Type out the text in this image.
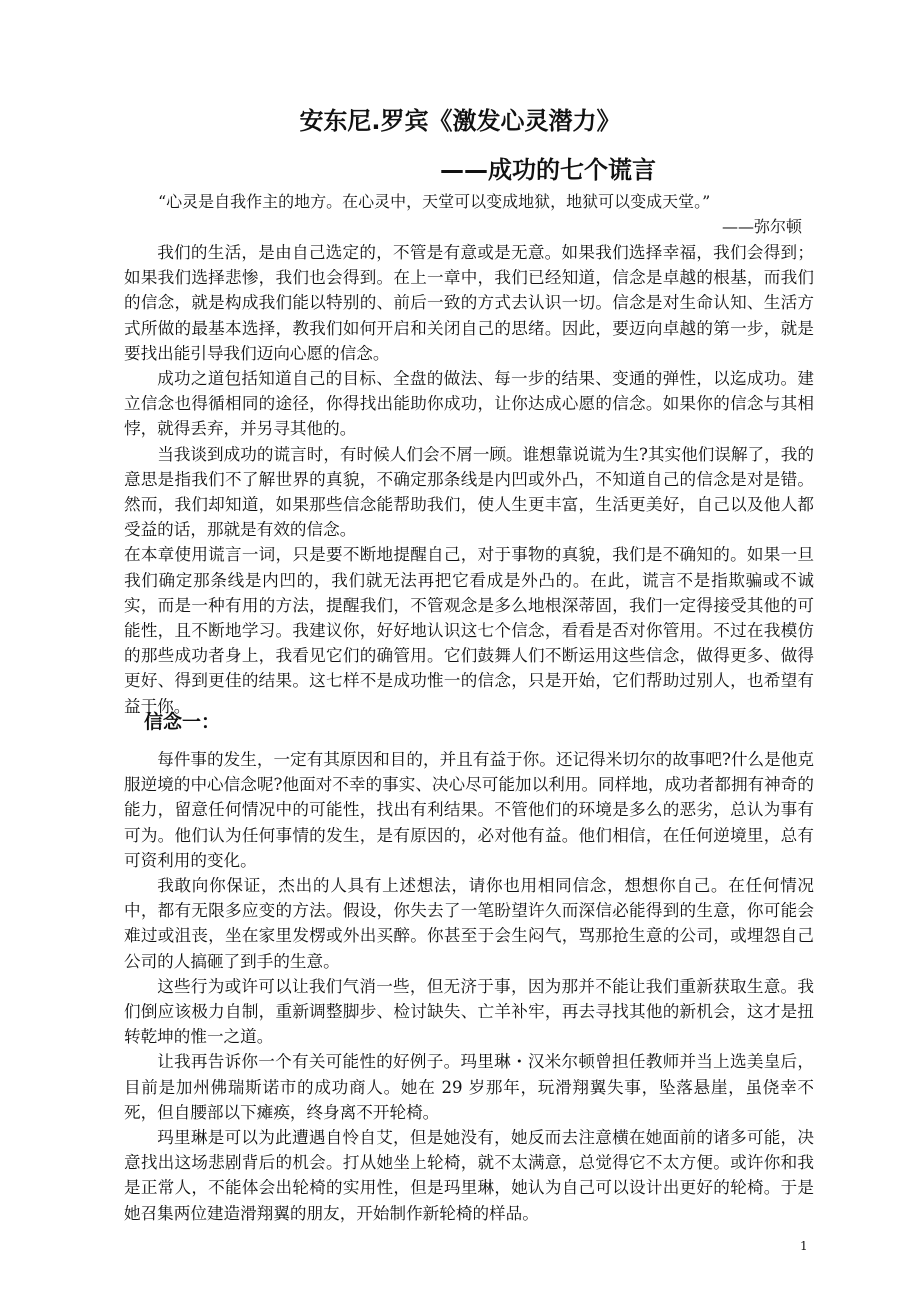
安东尼.罗宾《激发心灵潜力》
——成功的七个谎言
“心灵是自我作主的地方。在心灵中，天堂可以变成地狱，地狱可以变成天堂。”
——弥尔顿

我们的生活，是由自己选定的，不管是有意或是无意。如果我们选择幸福，我们会得到；如果我们选择悲惨，我们也会得到。在上一章中，我们已经知道，信念是卓越的根基，而我们的信念，就是构成我们能以特别的、前后一致的方式去认识一切。信念是对生命认知、生活方式所做的最基本选择，教我们如何开启和关闭自己的思绪。因此，要迈向卓越的第一步，就是要找出能引导我们迈向心愿的信念。

成功之道包括知道自己的目标、全盘的做法、每一步的结果、变通的弹性，以迄成功。建立信念也得循相同的途径，你得找出能助你成功，让你达成心愿的信念。如果你的信念与其相悖，就得丢弃，并另寻其他的。

当我谈到成功的谎言时，有时候人们会不屑一顾。谁想靠说谎为生?其实他们误解了，我的意思是指我们不了解世界的真貌，不确定那条线是内凹或外凸，不知道自己的信念是对是错。然而，我们却知道，如果那些信念能帮助我们，使人生更丰富，生活更美好，自己以及他人都受益的话，那就是有效的信念。

在本章使用谎言一词，只是要不断地提醒自己，对于事物的真貌，我们是不确知的。如果一旦我们确定那条线是内凹的，我们就无法再把它看成是外凸的。在此，谎言不是指欺骗或不诚实，而是一种有用的方法，提醒我们，不管观念是多么地根深蒂固，我们一定得接受其他的可能性，且不断地学习。我建议你，好好地认识这七个信念，看看是否对你管用。不过在我模仿的那些成功者身上，我看见它们的确管用。它们鼓舞人们不断运用这些信念，做得更多、做得更好、得到更佳的结果。这七样不是成功惟一的信念，只是开始，它们帮助过别人，也希望有益于你。

信念一：

每件事的发生，一定有其原因和目的，并且有益于你。还记得米切尔的故事吧?什么是他克服逆境的中心信念呢?他面对不幸的事实、决心尽可能加以利用。同样地，成功者都拥有神奇的能力，留意任何情况中的可能性，找出有利结果。不管他们的环境是多么的恶劣，总认为事有可为。他们认为任何事情的发生，是有原因的，必对他有益。他们相信，在任何逆境里，总有可资利用的变化。

我敢向你保证，杰出的人具有上述想法，请你也用相同信念，想想你自己。在任何情况中，都有无限多应变的方法。假设，你失去了一笔盼望许久而深信必能得到的生意，你可能会难过或沮丧，坐在家里发楞或外出买醉。你甚至于会生闷气，骂那抢生意的公司，或埋怨自己公司的人搞砸了到手的生意。

这些行为或许可以让我们气消一些，但无济于事，因为那并不能让我们重新获取生意。我们倒应该极力自制，重新调整脚步、检讨缺失、亡羊补牢，再去寻找其他的新机会，这才是扭转乾坤的惟一之道。

让我再告诉你一个有关可能性的好例子。玛里琳・汉米尔顿曾担任教师并当上选美皇后，目前是加州佛瑞斯诺市的成功商人。她在 29 岁那年，玩滑翔翼失事，坠落悬崖，虽侥幸不死，但自腰部以下瘫痪，终身离不开轮椅。

玛里琳是可以为此遭遇自怜自艾，但是她没有，她反而去注意横在她面前的诸多可能，决意找出这场悲剧背后的机会。打从她坐上轮椅，就不太满意，总觉得它不太方便。或许你和我是正常人，不能体会出轮椅的实用性，但是玛里琳，她认为自己可以设计出更好的轮椅。于是她召集两位建造滑翔翼的朋友，开始制作新轮椅的样品。

1
